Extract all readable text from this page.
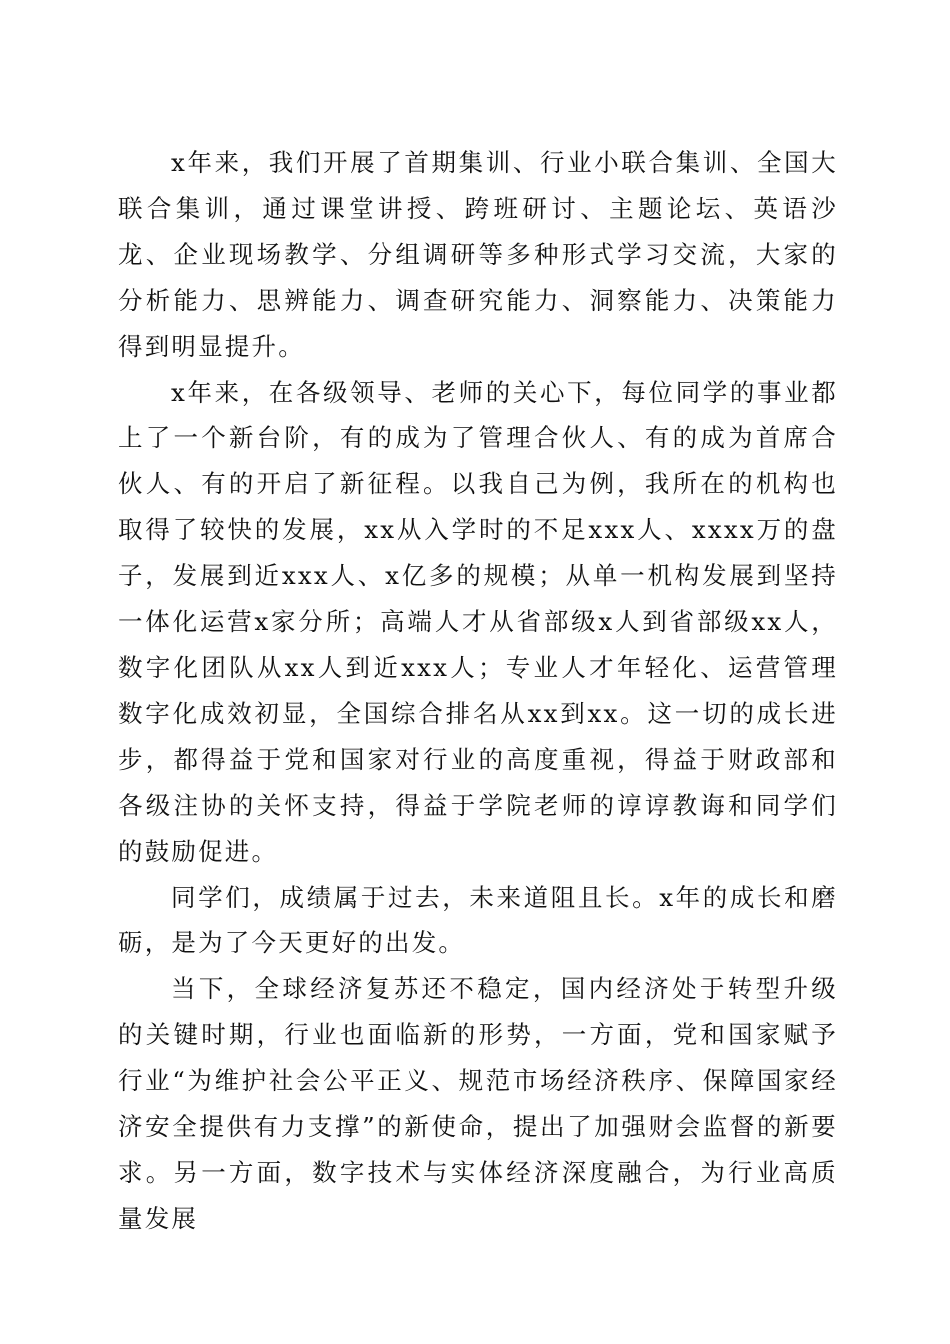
x年来，我们开展了首期集训、行业小联合集训、全国大联合集训，通过课堂讲授、跨班研讨、主题论坛、英语沙龙、企业现场教学、分组调研等多种形式学习交流，大家的分析能力、思辨能力、调查研究能力、洞察能力、决策能力得到明显提升。

x年来，在各级领导、老师的关心下，每位同学的事业都上了一个新台阶，有的成为了管理合伙人、有的成为首席合伙人、有的开启了新征程。以我自己为例，我所在的机构也取得了较快的发展，xx从入学时的不足xxx人、xxxx万的盘子，发展到近xxx人、x亿多的规模；从单一机构发展到坚持一体化运营x家分所；高端人才从省部级x人到省部级xx人，数字化团队从xx人到近xxx人；专业人才年轻化、运营管理数字化成效初显，全国综合排名从xx到xx。这一切的成长进步，都得益于党和国家对行业的高度重视，得益于财政部和各级注协的关怀支持，得益于学院老师的谆谆教诲和同学们的鼓励促进。

同学们，成绩属于过去，未来道阻且长。x年的成长和磨砺，是为了今天更好的出发。

当下，全球经济复苏还不稳定，国内经济处于转型升级的关键时期，行业也面临新的形势，一方面，党和国家赋予行业“为维护社会公平正义、规范市场经济秩序、保障国家经济安全提供有力支撑”的新使命，提出了加强财会监督的新要求。另一方面，数字技术与实体经济深度融合，为行业高质量发展
